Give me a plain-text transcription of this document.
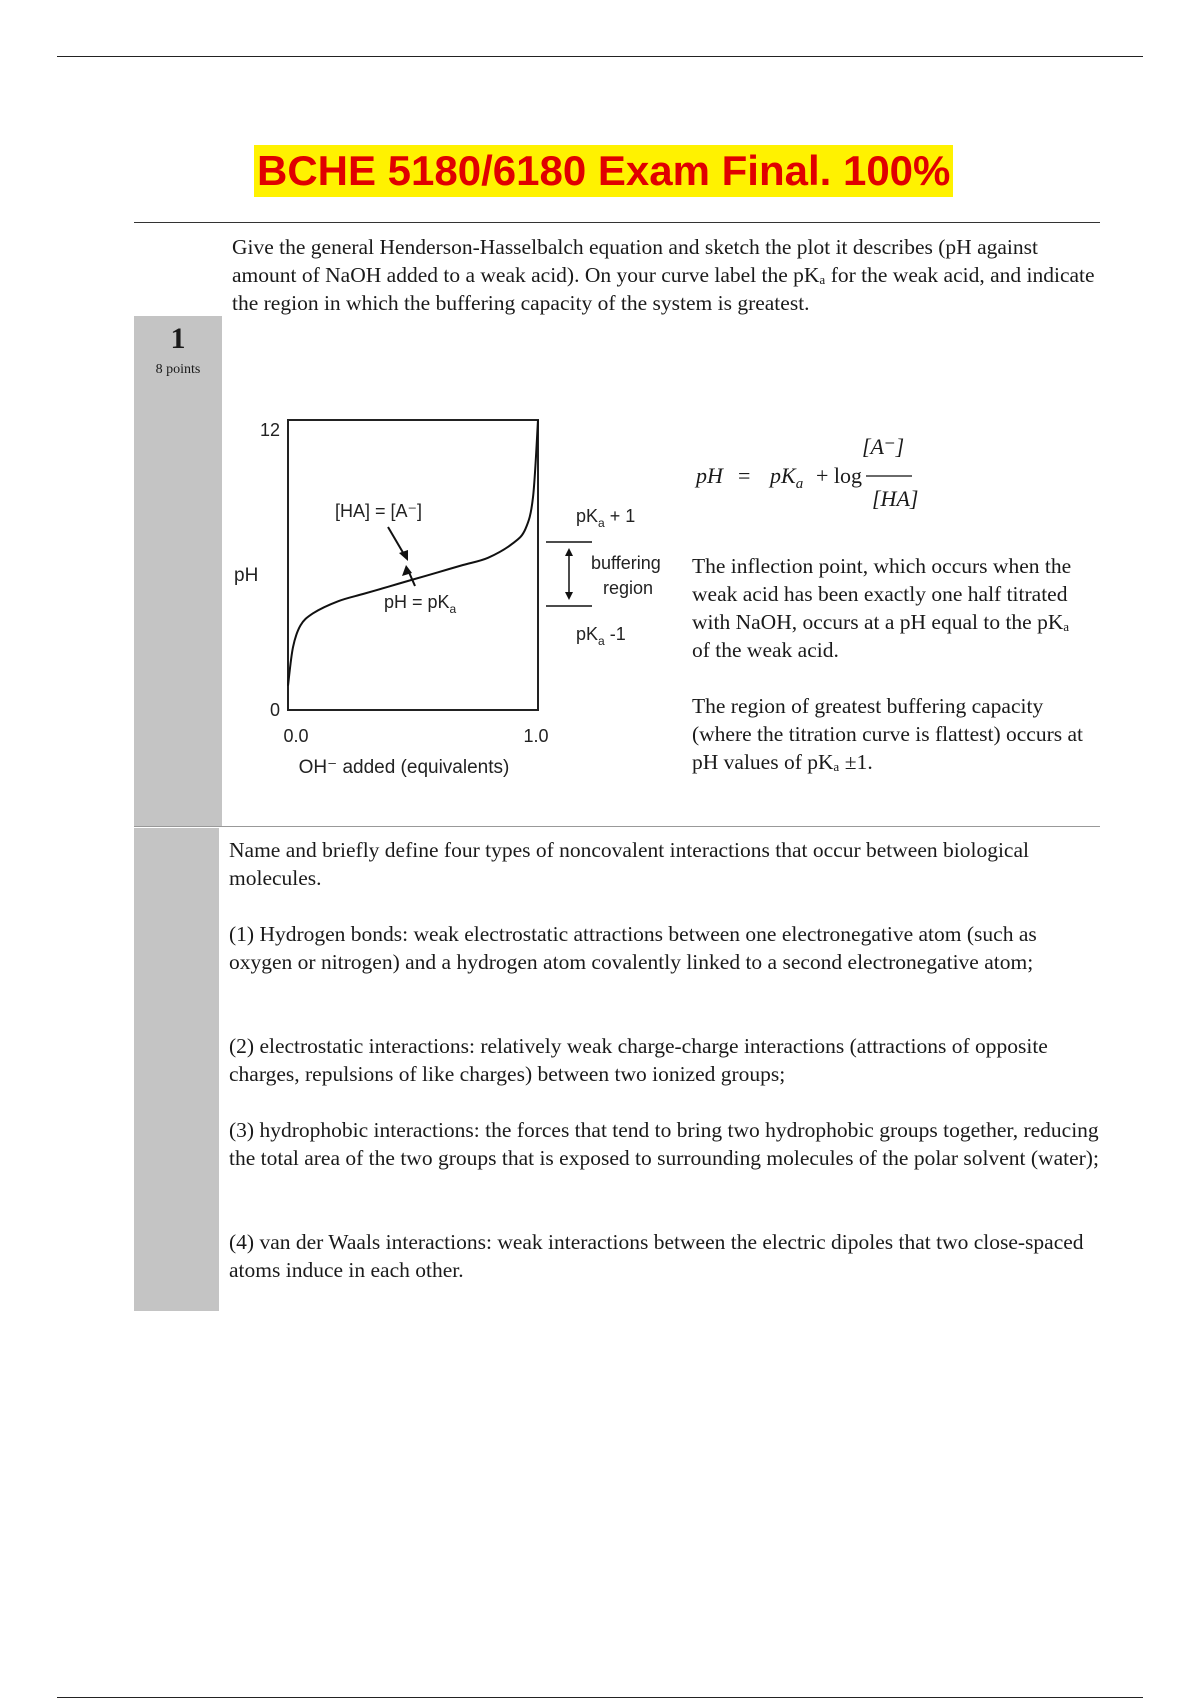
BCHE 5180/6180 Exam Final. 100%
1
8 points
Give the general Henderson-Hasselbalch equation and sketch the plot it describes (pH against amount of NaOH added to a weak acid). On your curve label the pKₐ for the weak acid, and indicate the region in which the buffering capacity of the system is greatest.
12
0
0.0	1.0
pH
OH⁻ added (equivalents)
[HA] = [A⁻]
pH = $pK_a$
$pK_a + 1$
buffering
region
$pK_a$ -1
pH = $pK_a + \log$
[A⁻]
[HA]
The inflection point, which occurs when the weak acid has been exactly one half titrated with NaOH, occurs at a pH equal to the pKₐ of the weak acid.
The region of greatest buffering capacity (where the titration curve is flattest) occurs at pH values of pKₐ ±1.
Name and briefly define four types of noncovalent interactions that occur between biological molecules.
(1) Hydrogen bonds: weak electrostatic attractions between one electronegative atom (such as oxygen or nitrogen) and a hydrogen atom covalently linked to a second electronegative atom;
(2) electrostatic interactions: relatively weak charge-charge interactions (attractions of opposite charges, repulsions of like charges) between two ionized groups;
(3) hydrophobic interactions: the forces that tend to bring two hydrophobic groups together, reducing the total area of the two groups that is exposed to surrounding molecules of the polar solvent (water);
(4) van der Waals interactions: weak interactions between the electric dipoles that two close-spaced atoms induce in each other.
